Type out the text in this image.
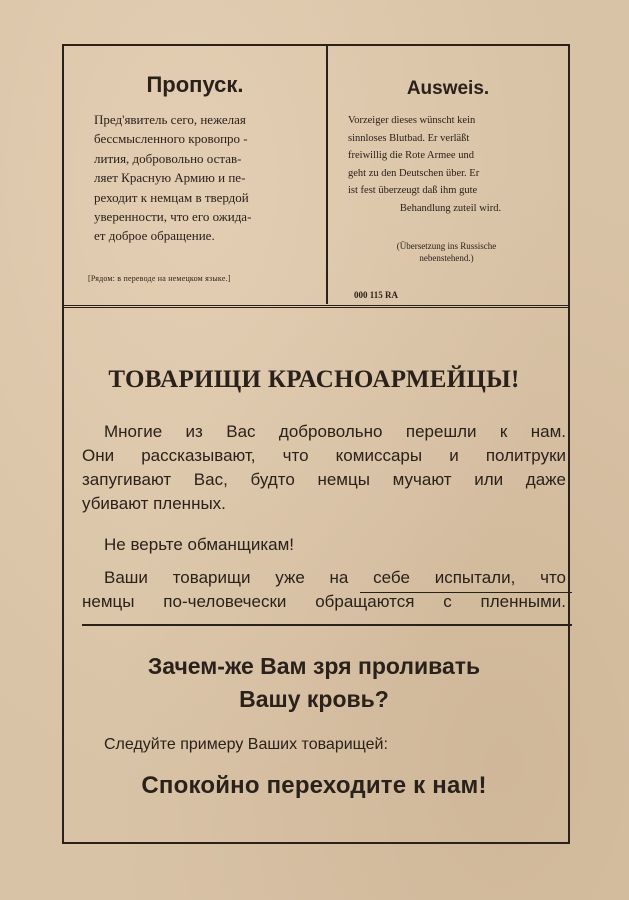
Пропуск.

Пред'явитель сего, нежелая
бессмысленного кровопро -
лития, добровольно остав-
ляет Красную Армию и пе-
реходит к немцам в твердой
уверенности, что его ожида-
ет доброе обращение.

[Рядом: в переводе на немецком языке.]
Ausweis.

Vorzeiger dieses wünscht kein
sinnloses Blutbad. Er verläßt
freiwillig die Rote Armee und
geht zu den Deutschen über. Er
ist fest überzeugt daß ihm gute
Behandlung zuteil wird.

(Übersetzung ins Russische
nebenstehend.)
000 115 RA
ТОВАРИЩИ КРАСНОАРМЕЙЦЫ!

Многие из Вас добровольно перешли к нам.
Они рассказывают, что комиссары и политруки
запугивают Вас, будто немцы мучают или даже
убивают пленных.

Не верьте обманщикам!

Ваши товарищи уже на себе испытали, что
немцы по-человечески обращаются с пленными.

Зачем-же Вам зря проливать
Вашу кровь?
Следуйте примеру Ваших товарищей:
Спокойно переходите к нам!
